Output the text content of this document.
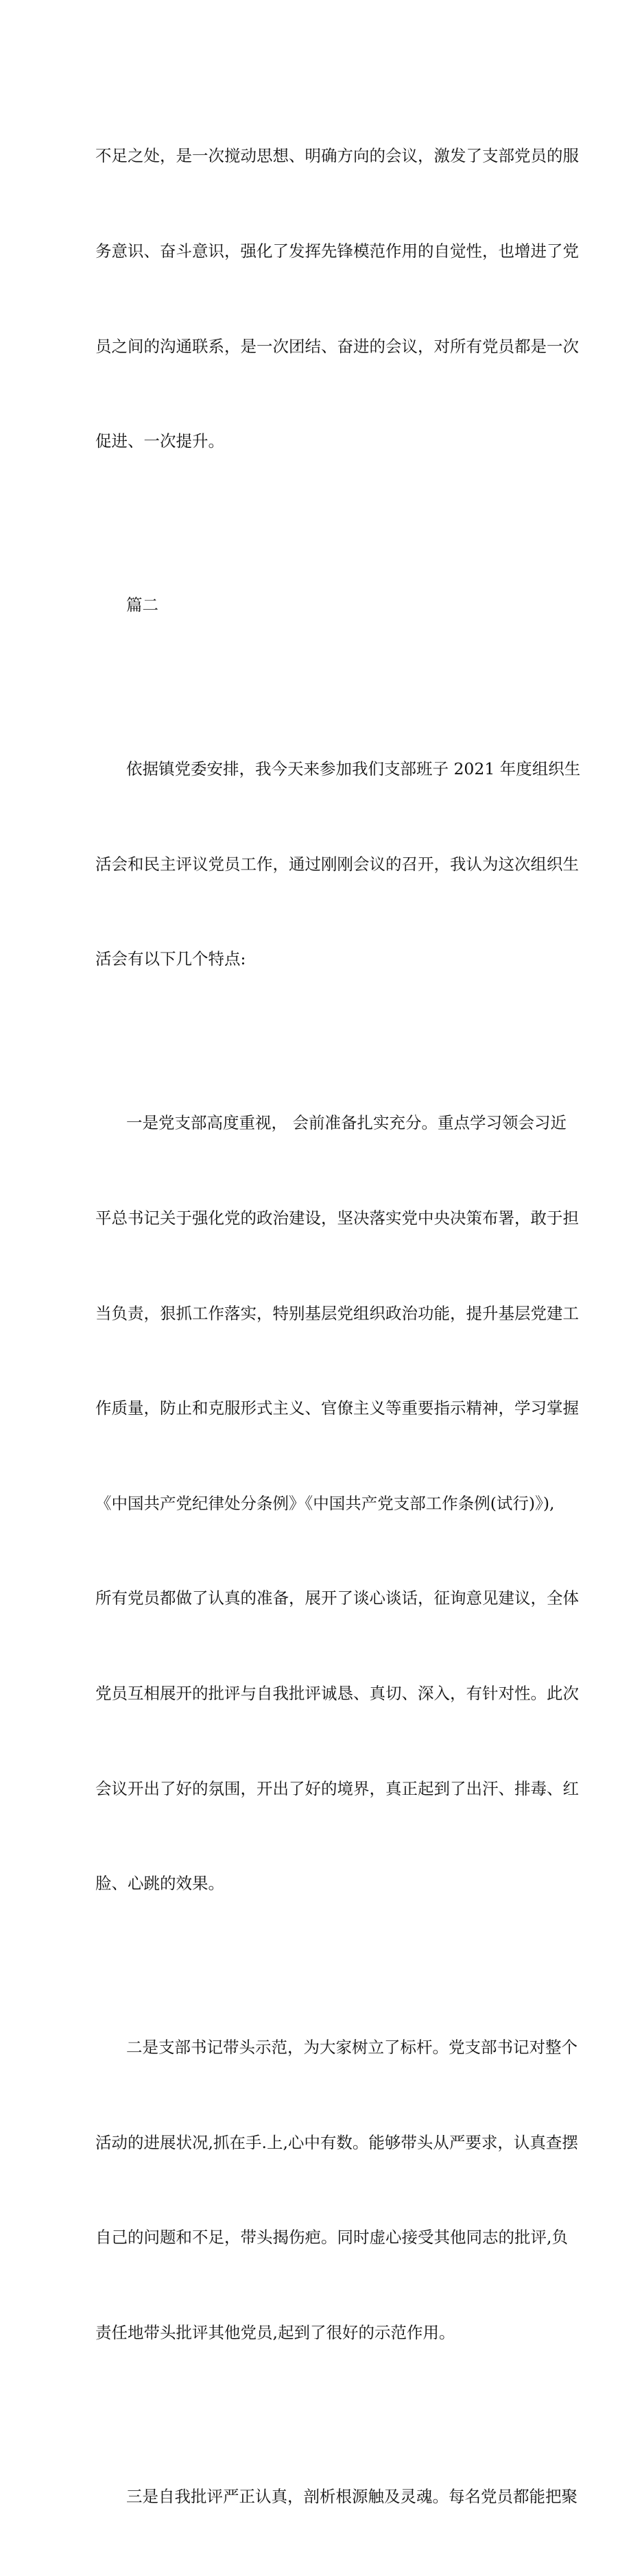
不足之处，是一次搅动思想、明确方向的会议，激发了支部党员的服

务意识、奋斗意识，强化了发挥先锋模范作用的自觉性，也增进了党

员之间的沟通联系，是一次团结、奋进的会议，对所有党员都是一次

促进、一次提升。

篇二

依据镇党委安排，我今天来参加我们支部班子 2021 年度组织生

活会和民主评议党员工作，通过刚刚会议的召开，我认为这次组织生

活会有以下几个特点:

一是党支部高度重视， 会前准备扎实充分。重点学习领会习近

平总书记关于强化党的政治建设，坚决落实党中央决策布署，敢于担

当负责，狠抓工作落实，特别基层党组织政治功能，提升基层党建工

作质量，防止和克服形式主义、官僚主义等重要指示精神，学习掌握

《中国共产党纪律处分条例》《中国共产党支部工作条例(试行)》),

所有党员都做了认真的准备，展开了谈心谈话，征询意见建议，全体

党员互相展开的批评与自我批评诚恳、真切、深入，有针对性。此次

会议开出了好的氛围，开出了好的境界，真正起到了出汗、排毒、红

脸、心跳的效果。

二是支部书记带头示范，为大家树立了标杆。党支部书记对整个

活动的进展状况,抓在手.上,心中有数。能够带头从严要求，认真查摆

自己的问题和不足，带头揭伤疤。同时虚心接受其他同志的批评,负

责任地带头批评其他党员,起到了很好的示范作用。

三是自我批评严正认真，剖析根源触及灵魂。每名党员都能把聚
